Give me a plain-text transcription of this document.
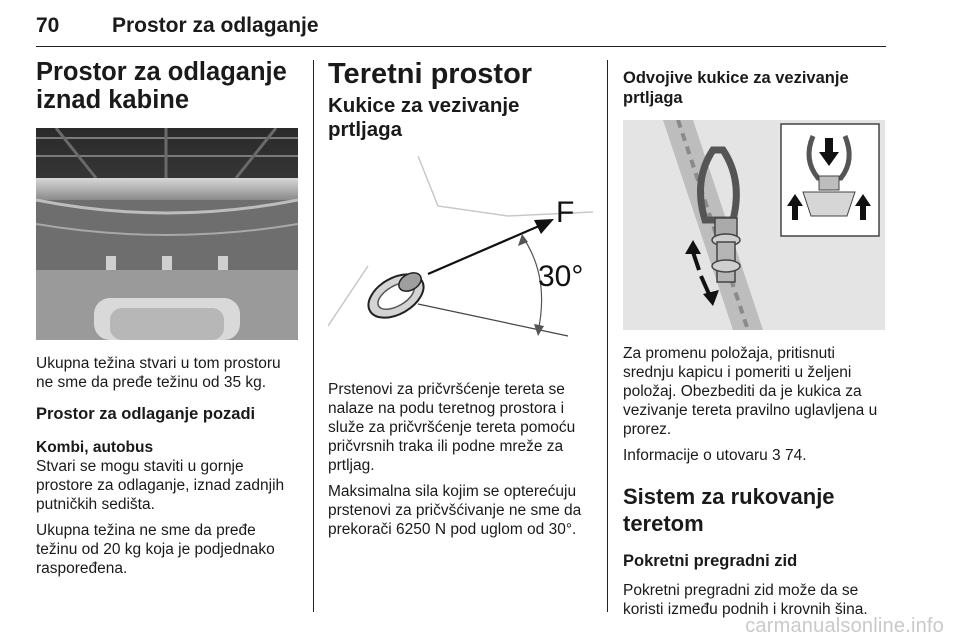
70	Prostor za odlaganje
Prostor za odlaganje iznad kabine

Ukupna težina stvari u tom prostoru ne sme da pređe težinu od 35 kg.

Prostor za odlaganje pozadi
Kombi, autobus

Stvari se mogu staviti u gornje prostore za odlaganje, iznad zadnjih putničkih sedišta.

Ukupna težina ne sme da pređe težinu od 20 kg koja je podjednako raspoređena.

Teretni prostor
Kukice za vezivanje prtljaga
F
30°

Prstenovi za pričvršćenje tereta se nalaze na podu teretnog prostora i služe za pričvršćenje tereta pomoću pričvrsnih traka ili podne mreže za prtljag.

Maksimalna sila kojim se opterećuju prstenovi za pričvšćivanje ne sme da prekorači 6250 N pod uglom od 30°.

Odvojive kukice za vezivanje prtljaga

Za promenu položaja, pritisnuti srednju kapicu i pomeriti u željeni položaj. Obezbediti da je kukica za vezivanje tereta pravilno uglavljena u prorez.

Informacije o utovaru 3 74.

Sistem za rukovanje teretom
Pokretni pregradni zid

Pokretni pregradni zid može da se koristi između podnih i krovnih šina.

carmanualsonline.info
